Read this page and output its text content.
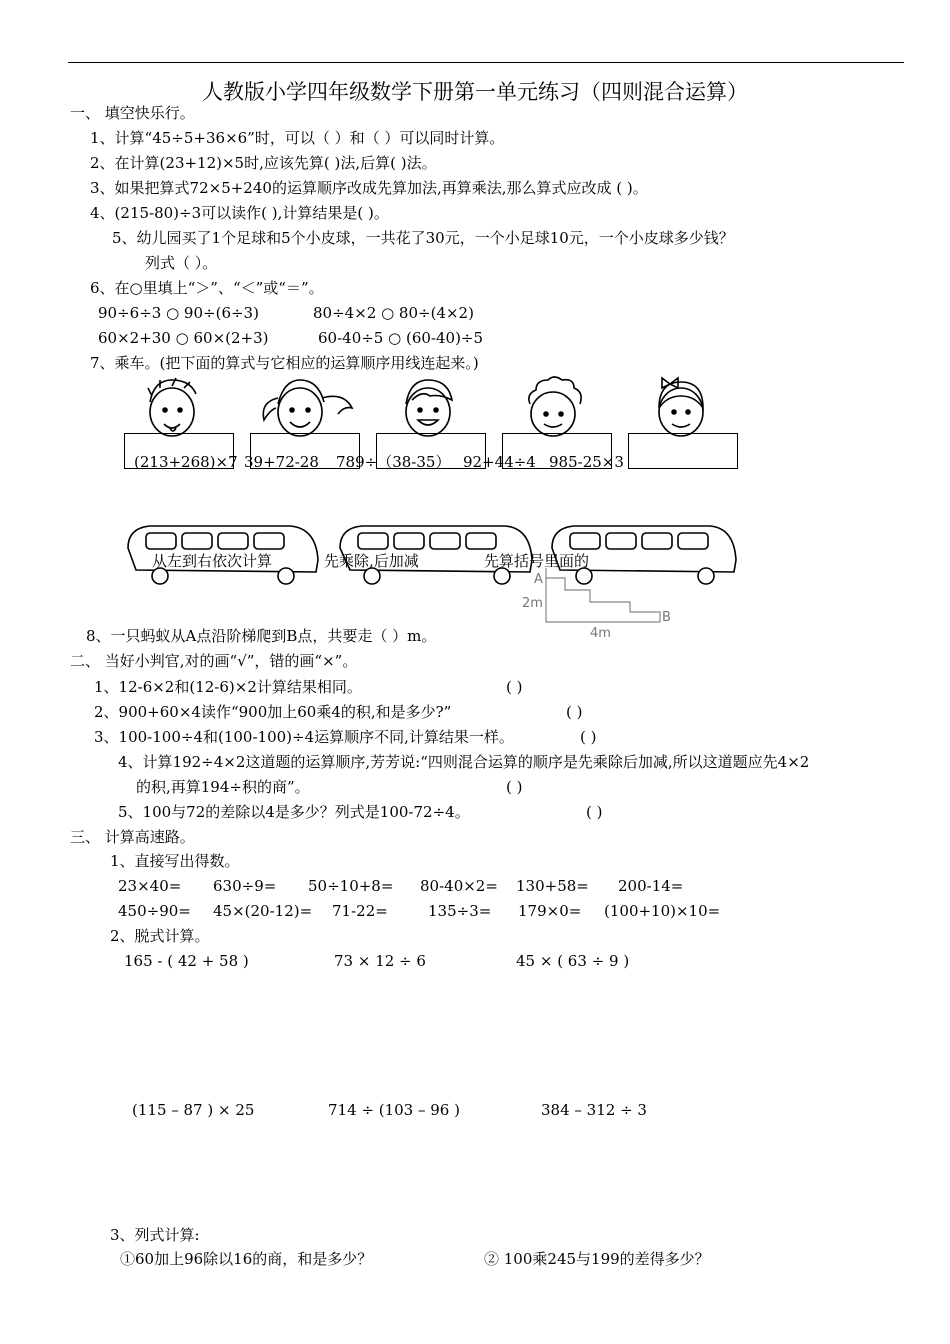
人教版小学四年级数学下册第一单元练习（四则混合运算）
一、 填空快乐行。
1、计算“45÷5+36×6”时，可以（ ）和（ ）可以同时计算。
2、在计算(23+12)×5时,应该先算( )法,后算( )法。
3、如果把算式72×5+240的运算顺序改成先算加法,再算乘法,那么算式应改成 ( )。
4、(215-80)÷3可以读作( ),计算结果是( )。
5、幼儿园买了1个足球和5个小皮球，一共花了30元，一个小足球10元，一个小皮球多少钱？
列式（ ）。
6、在○里填上“＞”、“＜”或“＝”。
90÷6÷3 ○ 90÷(6÷3)	80÷4×2 ○ 80÷(4×2)
60×2+30 ○ 60×(2+3)	60-40÷5 ○ (60-40)÷5
7、乘车。(把下面的算式与它相应的运算顺序用线连起来。)
(213+268)×7 39+72-28 789÷（38-35） 92+44÷4 985-25×3
从左到右依次计算	先乘除,后加减	先算括号里面的
A
2m
B
4m
8、一只蚂蚁从A点沿阶梯爬到B点，共要走（ ）m。
二、 当好小判官,对的画“√”，错的画“×”。
1、12-6×2和(12-6)×2计算结果相同。	( )
2、900+60×4读作“900加上60乘4的积,和是多少?”	( )
3、100-100÷4和(100-100)÷4运算顺序不同,计算结果一样。	( )
4、计算192÷4×2这道题的运算顺序,芳芳说:“四则混合运算的顺序是先乘除后加减,所以这道题应先4×2
的积,再算194÷积的商”。	( )
5、100与72的差除以4是多少？列式是100-72÷4。	( )
三、 计算高速路。
1、直接写出得数。
23×40= 630÷9= 50÷10+8= 80-40×2= 130+58= 200-14=
450÷90= 45×(20-12)= 71-22=	135÷3= 179×0= (100+10)×10=
2、脱式计算。
165 - ( 42 + 58 )	73 × 12 ÷ 6	45 × ( 63 ÷ 9 )
(115 – 87 ) × 25	714 ÷ (103 – 96 )	384 – 312 ÷ 3
3、列式计算:
①60加上96除以16的商，和是多少？	② 100乘245与199的差得多少？
